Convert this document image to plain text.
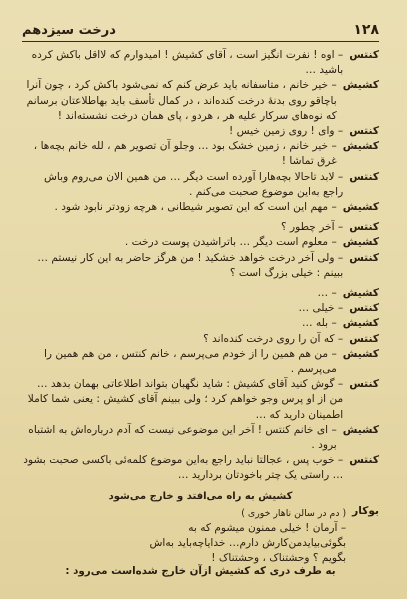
۱۲۸
درخت سیزدهم
کنتس
– اوه ! نفرت انگیز است ، آقای کشیش ! امیدوارم که لااقل باکش کرده باشید …
کشیش
– خیر خانم ، متاسفانه باید عرض کنم که نمی‌شود باکش کرد ، چون آنرا باچاقو روی بدنهٔ درخت کنده‌اند ، در کمال تأسف باید بهاطلاعتان برسانم که نوه‌های سرکار علیه هر ، هردو ، پای همان درخت نشسته‌اند !
کنتس
– وای ! روی زمین خیس !
کشیش
– خیر خانم ، زمین خشک بود … وجلو آن تصویر هم ، لله خانم بچه‌ها ، غرق تماشا !
کنتس
– لابد تاحالا بچه‌هارا آورده است دیگر … من همین الان می‌روم وباش راجع به‌این موضوع صحبت می‌کنم .
کشیش
– مهم این است که این تصویر شیطانی ، هرچه زودتر نابود شود .
کنتس
– آخر چطور ؟
کشیش
– معلوم است دیگر … باتراشیدن پوست درخت .
کنتس
– ولی آخر درخت خواهد خشکید ! من هرگز حاضر به این کار نیستم … ببینم : خیلی بزرگ است ؟
کشیش
– …
کنتس
– خیلی …
کشیش
– بله …
کنتس
– که آن را روی درخت کنده‌اند ؟
کشیش
– من هم همین را از خودم می‌پرسم ، خانم کنتس ، من هم همین را می‌پرسم .
کنتس
– گوش کنید آقای کشیش : شاید نگهبان بتواند اطلاعاتی بهمان بدهد … من از او پرس وجو خواهم کرد ؛ ولی ببینم آقای کشیش : یعنی شما کاملا اطمینان دارید که …
کشیش
– ای خانم کنتس ! آخر این موضوعی نیست که آدم درباره‌اش به اشتباه برود .
کنتس
– خوب پس ، عجالتا نباید راجع به‌این موضوع کلمه‌ئی باکسی صحبت بشود … راستی یک چتر باخودتان بردارید …
کشیش به راه می‌افتد و خارج می‌شود
بوکار
( دم در سالن ناهار خوری )
– آرمان ! خیلی ممنون میشوم که به
بگوئی‌بیایدمن‌کارش‌ دارم… خدایا‌چه‌باید به‌اش
بگویم ؟ وحشتناک ، وحشتناک !
به طرف دری که کشیش ازآن خارج شده‌است می‌رود :
